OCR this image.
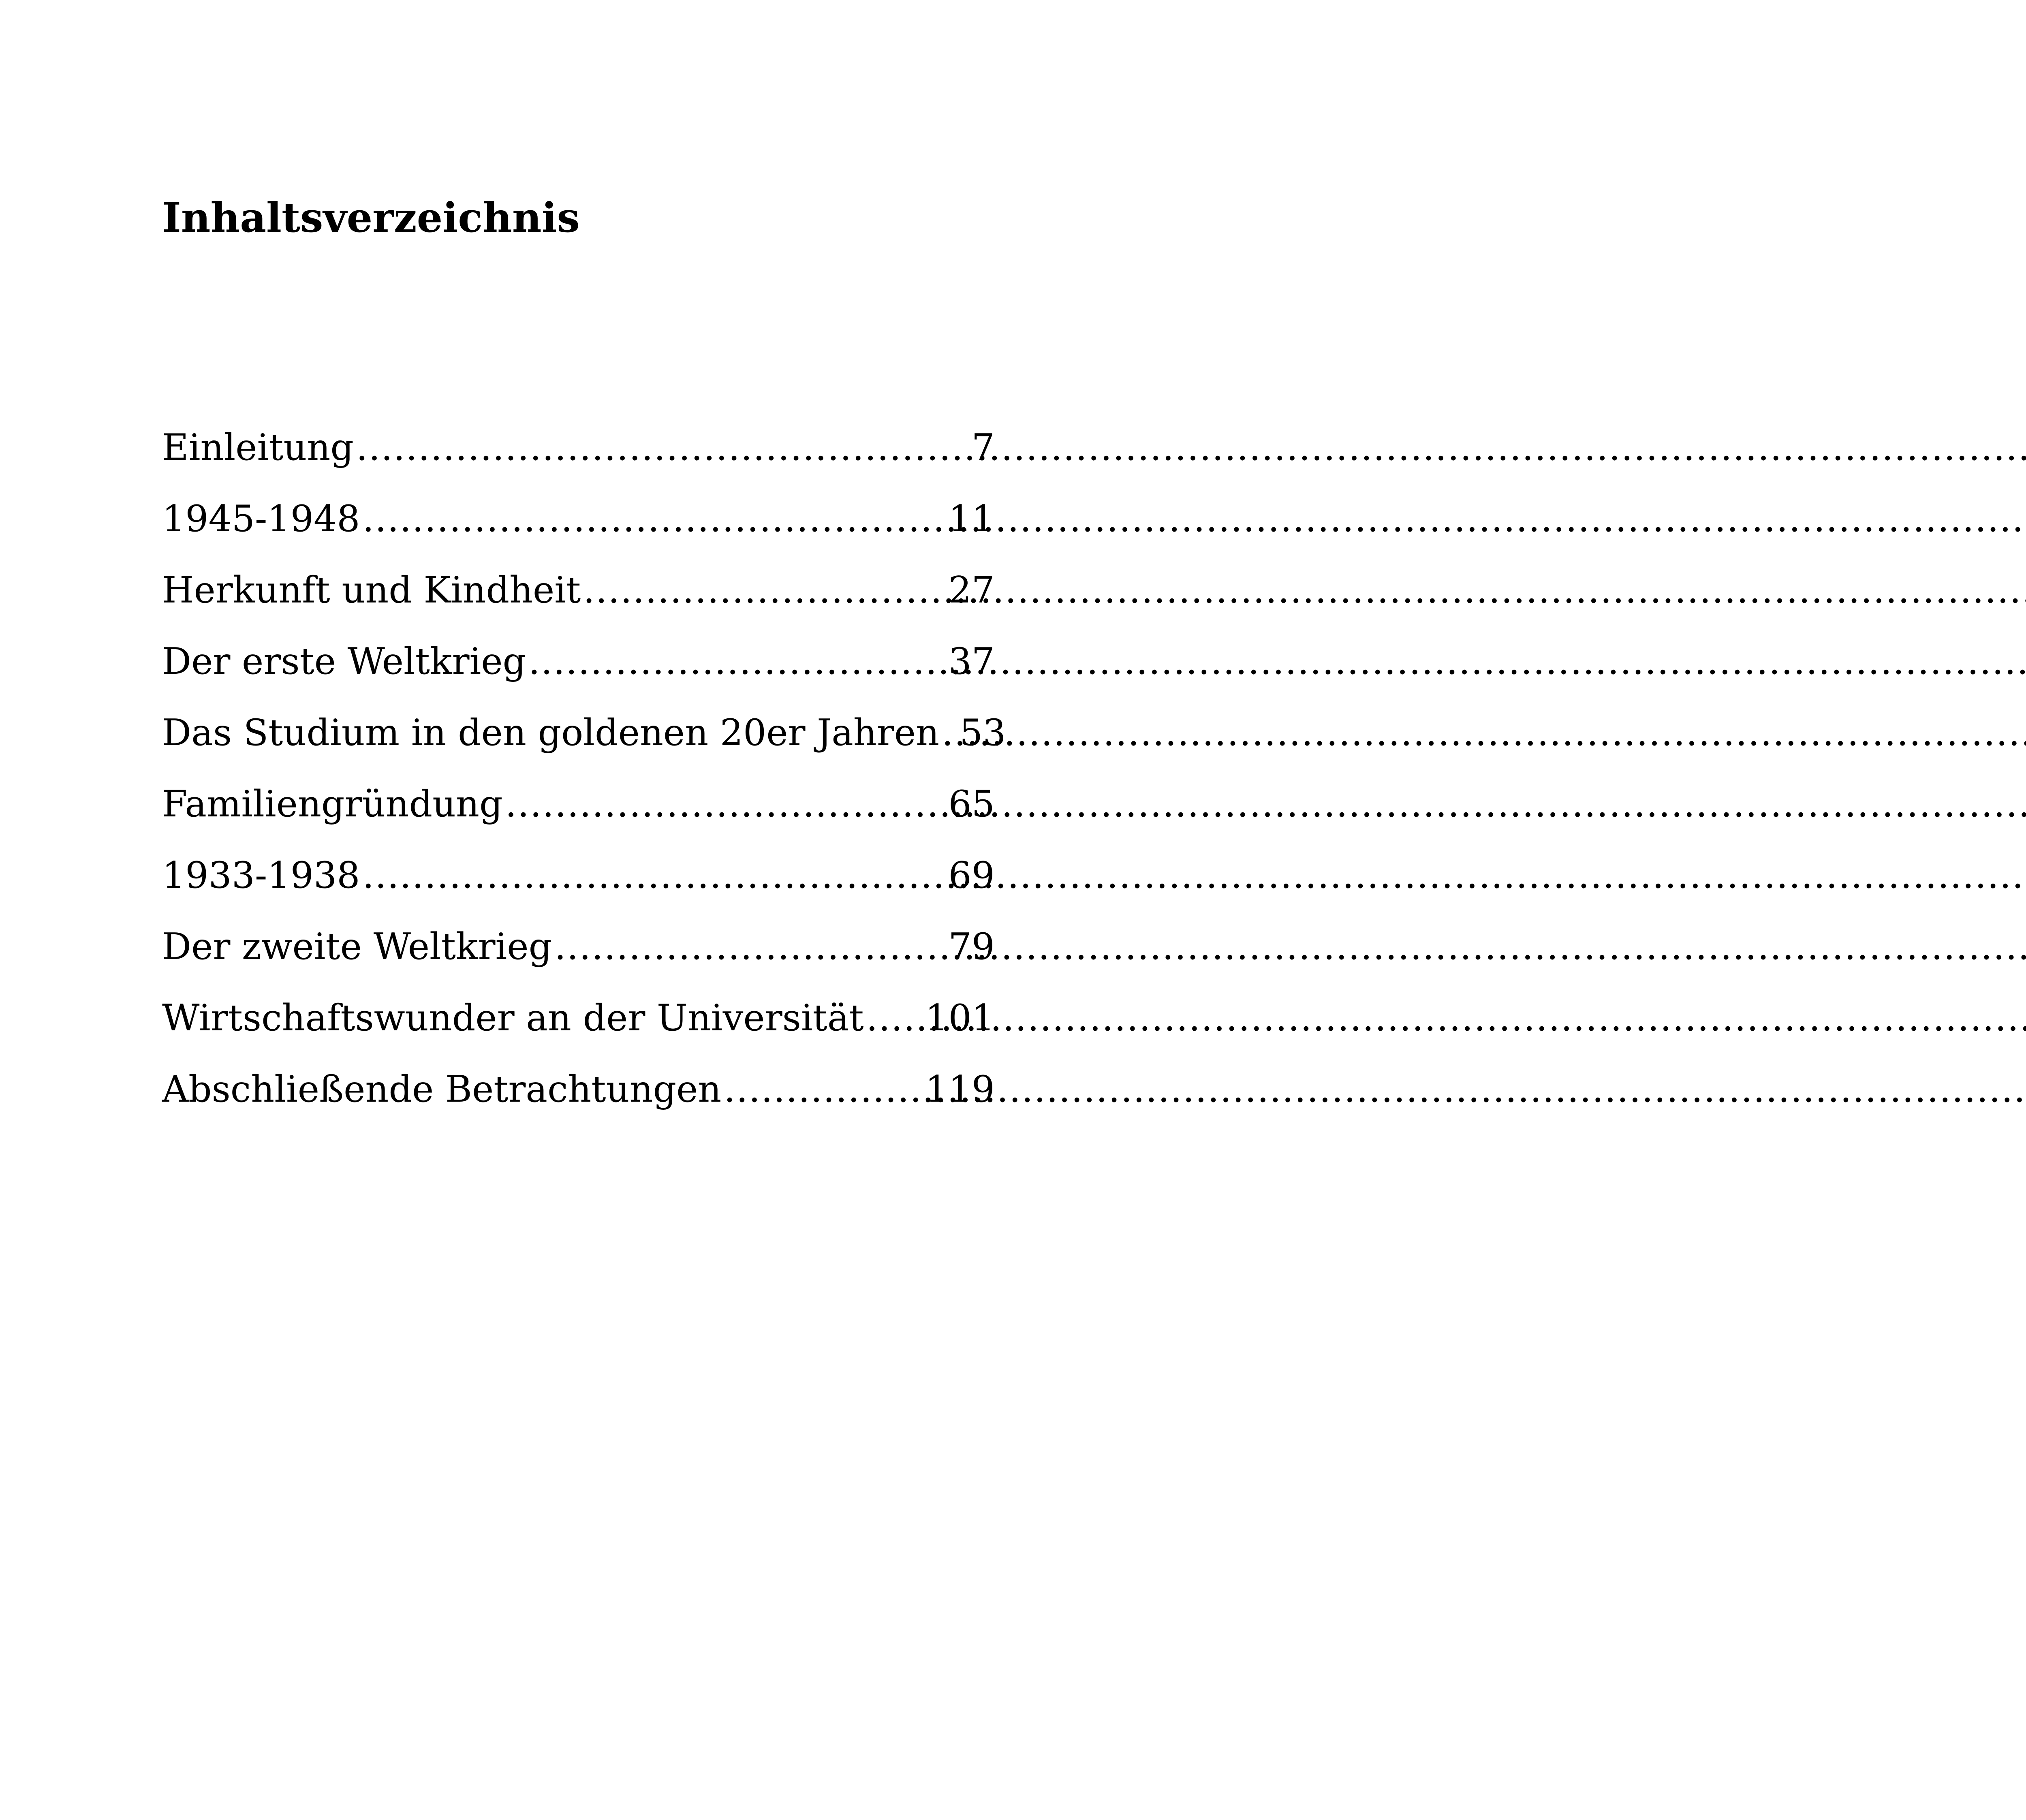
Inhaltsverzeichnis
Einleitung .....	7
1945-1948 .....	11
Herkunft und Kindheit .....	27
Der erste Weltkrieg .....	37
Das Studium in den goldenen 20er Jahren ..... 53
Familiengründung .....	65
1933-1938 .....	69
Der zweite Weltkrieg .....	79
Wirtschaftswunder an der Universität ..... 101
Abschließende Betrachtungen .....	119
